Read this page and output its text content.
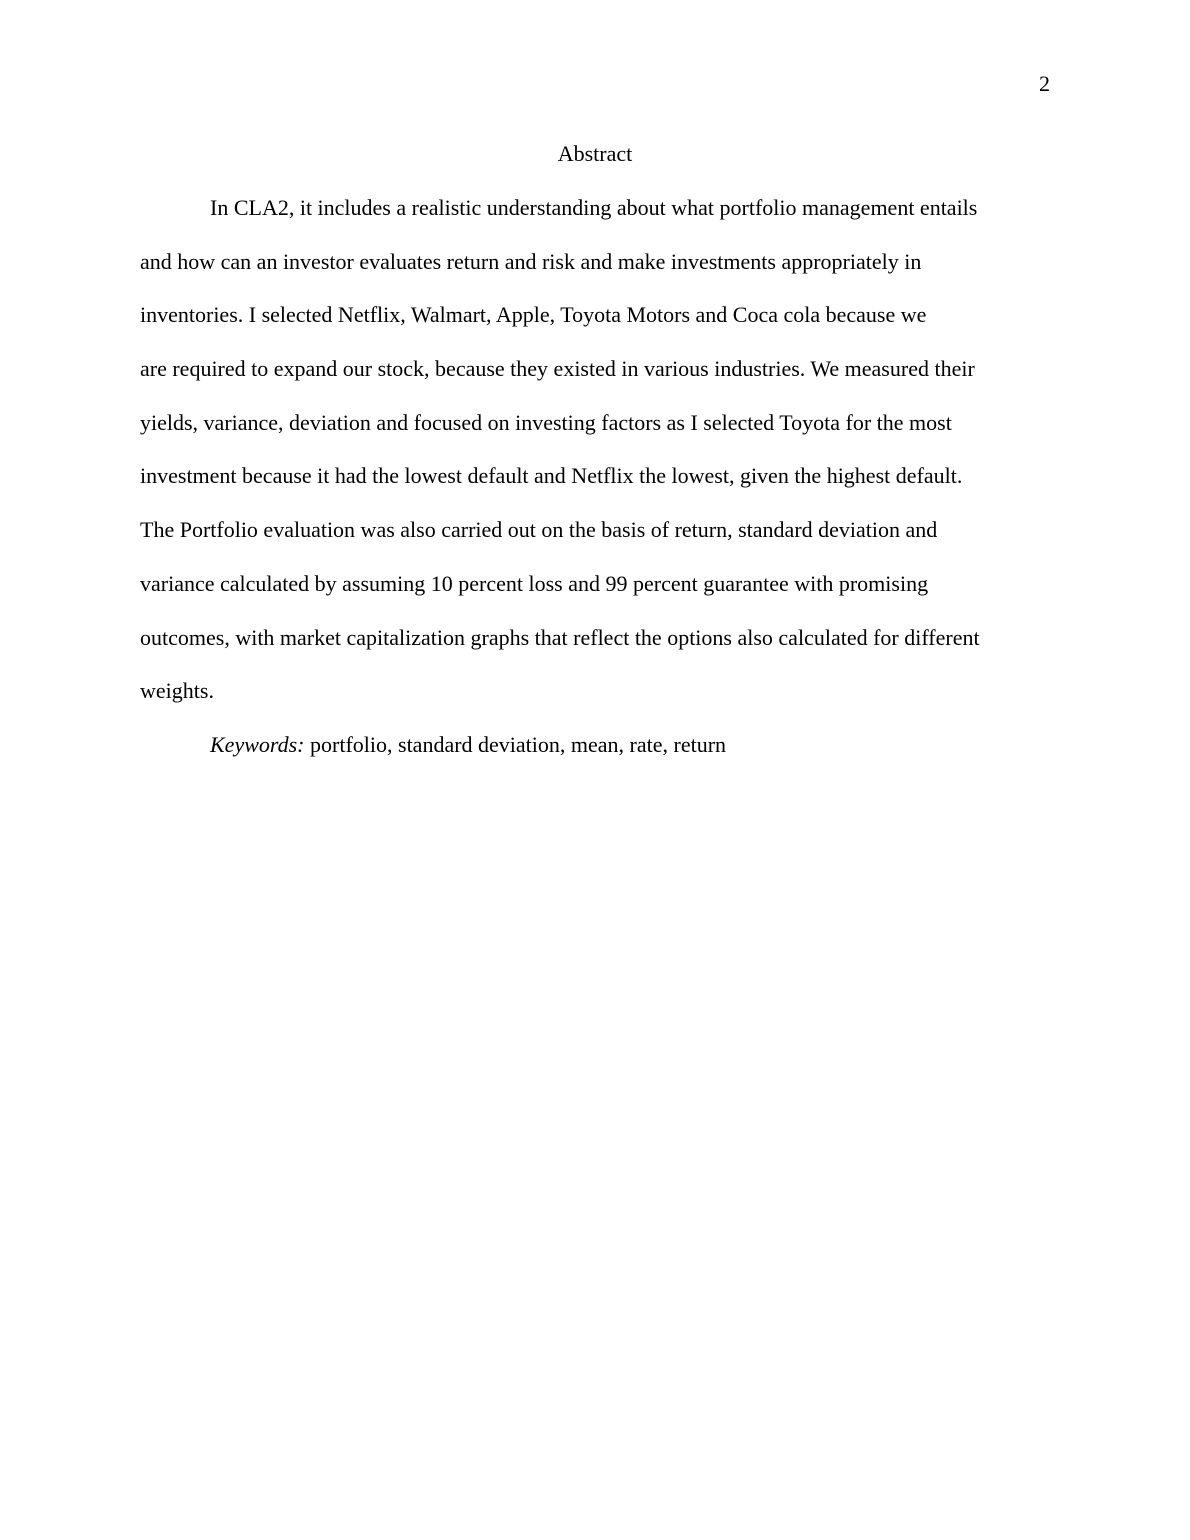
2
Abstract
In CLA2, it includes a realistic understanding about what portfolio management entails
and how can an investor evaluates return and risk and make investments appropriately in
inventories. I selected Netflix, Walmart, Apple, Toyota Motors and Coca cola because we
are required to expand our stock, because they existed in various industries. We measured their
yields, variance, deviation and focused on investing factors as I selected Toyota for the most
investment because it had the lowest default and Netflix the lowest, given the highest default.
The Portfolio evaluation was also carried out on the basis of return, standard deviation and
variance calculated by assuming 10 percent loss and 99 percent guarantee with promising
outcomes, with market capitalization graphs that reflect the options also calculated for different
weights.
Keywords: portfolio, standard deviation, mean, rate, return
